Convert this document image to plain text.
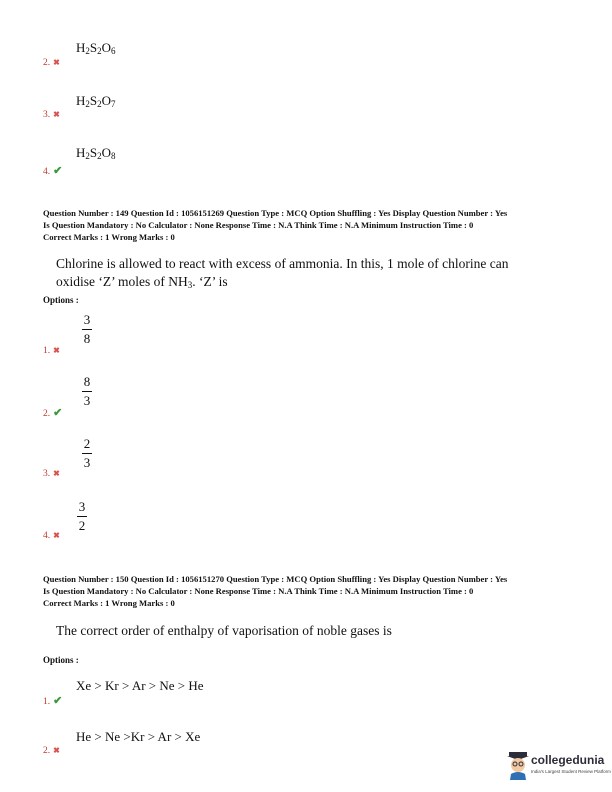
$H_2S_2O_6$
2. ✖
$H_2S_2O_7$
3. ✖
$H_2S_2O_8$
4. ✔
Question Number : 149 Question Id : 1056151269 Question Type : MCQ Option Shuffling : Yes Display Question Number : Yes
Is Question Mandatory : No Calculator : None Response Time : N.A Think Time : N.A Minimum Instruction Time : 0
Correct Marks : 1 Wrong Marks : 0
Chlorine is allowed to react with excess of ammonia. In this, 1 mole of chlorine can
oxidise ‘Z’ moles of $NH_3$. ‘Z’ is
Options :
3
8
1. ✖
8
3
2. ✔
2
3
3. ✖
3
2
4. ✖
Question Number : 150 Question Id : 1056151270 Question Type : MCQ Option Shuffling : Yes Display Question Number : Yes
Is Question Mandatory : No Calculator : None Response Time : N.A Think Time : N.A Minimum Instruction Time : 0
Correct Marks : 1 Wrong Marks : 0
The correct order of enthalpy of vaporisation of noble gases is
Options :
Xe > Kr > Ar > Ne > He
1. ✔
He > Ne >Kr > Ar > Xe
2. ✖
collegedunia
India's Largest Student Review Platform
